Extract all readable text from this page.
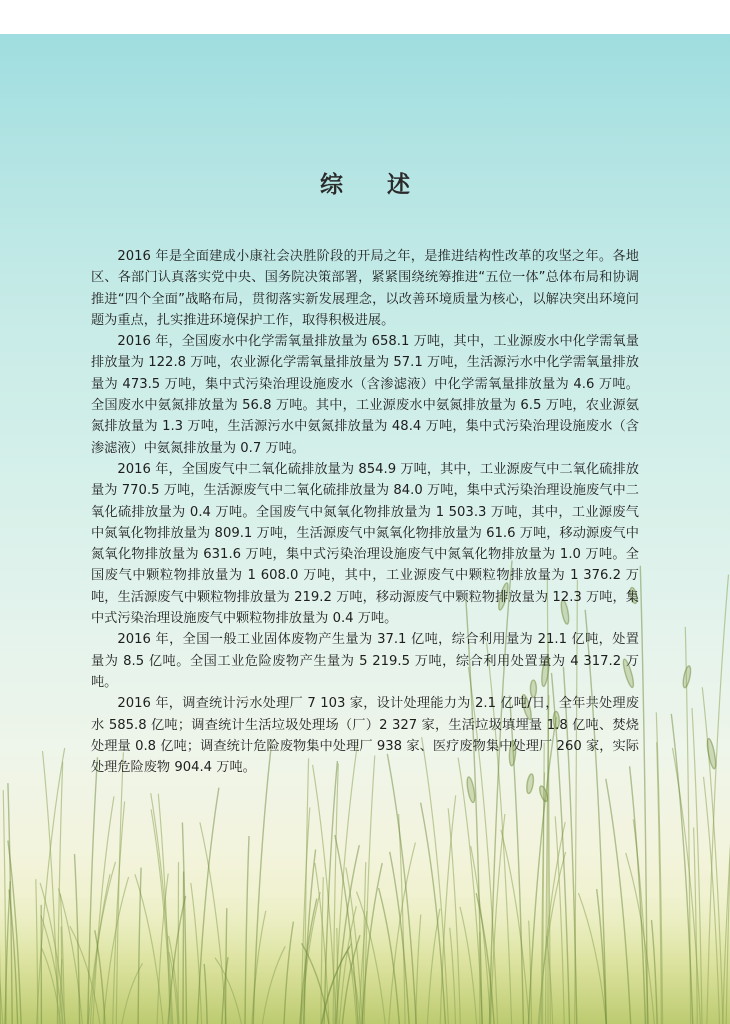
综 述

2016 年是全面建成小康社会决胜阶段的开局之年，是推进结构性改革的攻坚之年。各地区、各部门认真落实党中央、国务院决策部署，紧紧围绕统筹推进“五位一体”总体布局和协调推进“四个全面”战略布局，贯彻落实新发展理念，以改善环境质量为核心，以解决突出环境问题为重点，扎实推进环境保护工作，取得积极进展。

2016 年，全国废水中化学需氧量排放量为 658.1 万吨，其中，工业源废水中化学需氧量排放量为 122.8 万吨，农业源化学需氧量排放量为 57.1 万吨，生活源污水中化学需氧量排放量为 473.5 万吨，集中式污染治理设施废水（含渗滤液）中化学需氧量排放量为 4.6 万吨。全国废水中氨氮排放量为 56.8 万吨。其中，工业源废水中氨氮排放量为 6.5 万吨，农业源氨氮排放量为 1.3 万吨，生活源污水中氨氮排放量为 48.4 万吨，集中式污染治理设施废水（含渗滤液）中氨氮排放量为 0.7 万吨。

2016 年，全国废气中二氧化硫排放量为 854.9 万吨，其中，工业源废气中二氧化硫排放量为 770.5 万吨，生活源废气中二氧化硫排放量为 84.0 万吨，集中式污染治理设施废气中二氧化硫排放量为 0.4 万吨。全国废气中氮氧化物排放量为 1 503.3 万吨，其中，工业源废气中氮氧化物排放量为 809.1 万吨，生活源废气中氮氧化物排放量为 61.6 万吨，移动源废气中氮氧化物排放量为 631.6 万吨，集中式污染治理设施废气中氮氧化物排放量为 1.0 万吨。全国废气中颗粒物排放量为 1 608.0 万吨，其中，工业源废气中颗粒物排放量为 1 376.2 万吨，生活源废气中颗粒物排放量为 219.2 万吨，移动源废气中颗粒物排放量为 12.3 万吨，集中式污染治理设施废气中颗粒物排放量为 0.4 万吨。

2016 年，全国一般工业固体废物产生量为 37.1 亿吨，综合利用量为 21.1 亿吨，处置量为 8.5 亿吨。全国工业危险废物产生量为 5 219.5 万吨，综合利用处置量为 4 317.2 万吨。

2016 年，调查统计污水处理厂 7 103 家，设计处理能力为 2.1 亿吨/日，全年共处理废水 585.8 亿吨；调查统计生活垃圾处理场（厂）2 327 家，生活垃圾填埋量 1.8 亿吨、焚烧处理量 0.8 亿吨；调查统计危险废物集中处理厂 938 家、医疗废物集中处理厂 260 家，实际处理危险废物 904.4 万吨。
